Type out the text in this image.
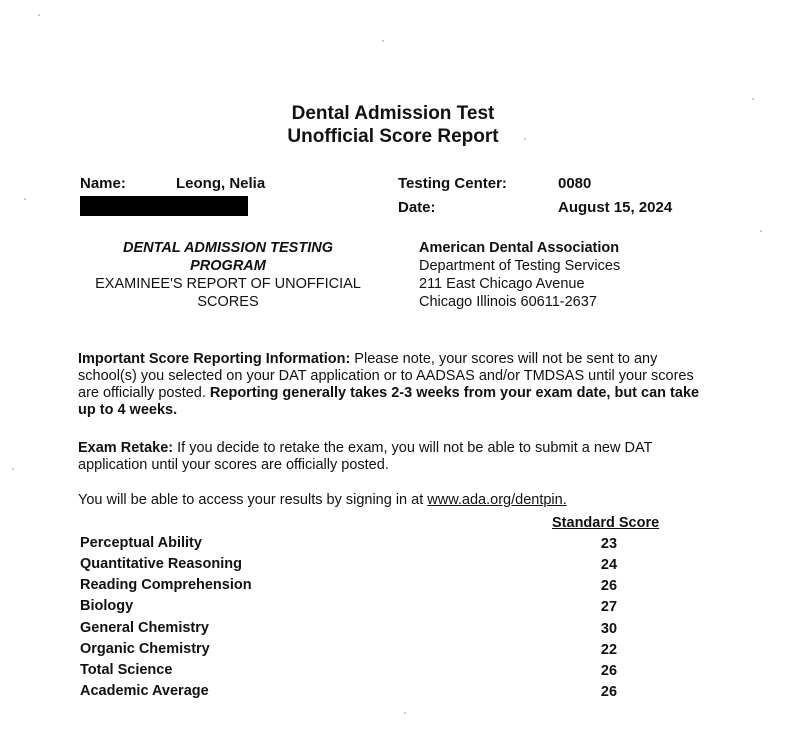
Dental Admission Test
Unofficial Score Report
Name:	Leong, Nelia	Testing Center:	0080
Date:	August 15, 2024
DENTAL ADMISSION TESTING
PROGRAM
EXAMINEE'S REPORT OF UNOFFICIAL
SCORES
American Dental Association
Department of Testing Services
211 East Chicago Avenue
Chicago Illinois 60611-2637
Important Score Reporting Information: Please note, your scores will not be sent to any school(s) you selected on your DAT application or to AADSAS and/or TMDSAS until your scores are officially posted. Reporting generally takes 2-3 weeks from your exam date, but can take up to 4 weeks.
Exam Retake: If you decide to retake the exam, you will not be able to submit a new DAT application until your scores are officially posted.
You will be able to access your results by signing in at www.ada.org/dentpin.
Standard Score
Perceptual Ability	23
Quantitative Reasoning	24
Reading Comprehension	26
Biology	27
General Chemistry	30
Organic Chemistry	22
Total Science	26
Academic Average	26
